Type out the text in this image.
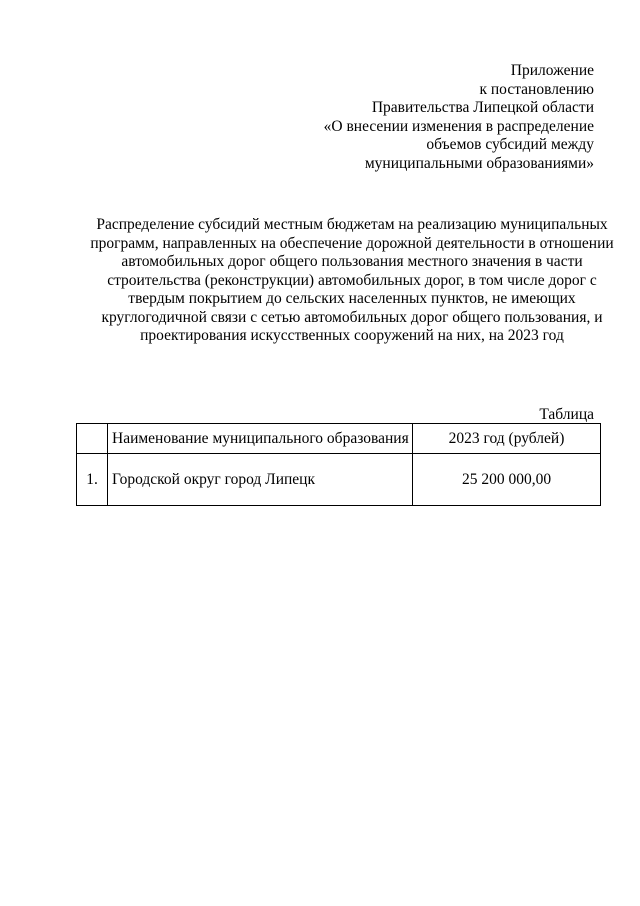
Приложение
к постановлению
Правительства Липецкой области
«О внесении изменения в распределение
объемов субсидий между
муниципальными образованиями»
Распределение субсидий местным бюджетам на реализацию муниципальных
программ, направленных на обеспечение дорожной деятельности в отношении
автомобильных дорог общего пользования местного значения в части
строительства (реконструкции) автомобильных дорог, в том числе дорог с
твердым покрытием до сельских населенных пунктов, не имеющих
круглогодичной связи с сетью автомобильных дорог общего пользования, и
проектирования искусственных сооружений на них, на 2023 год
Таблица
	Наименование муниципального образования	2023 год (рублей)
1.	Городской округ город Липецк	25 200 000,00
